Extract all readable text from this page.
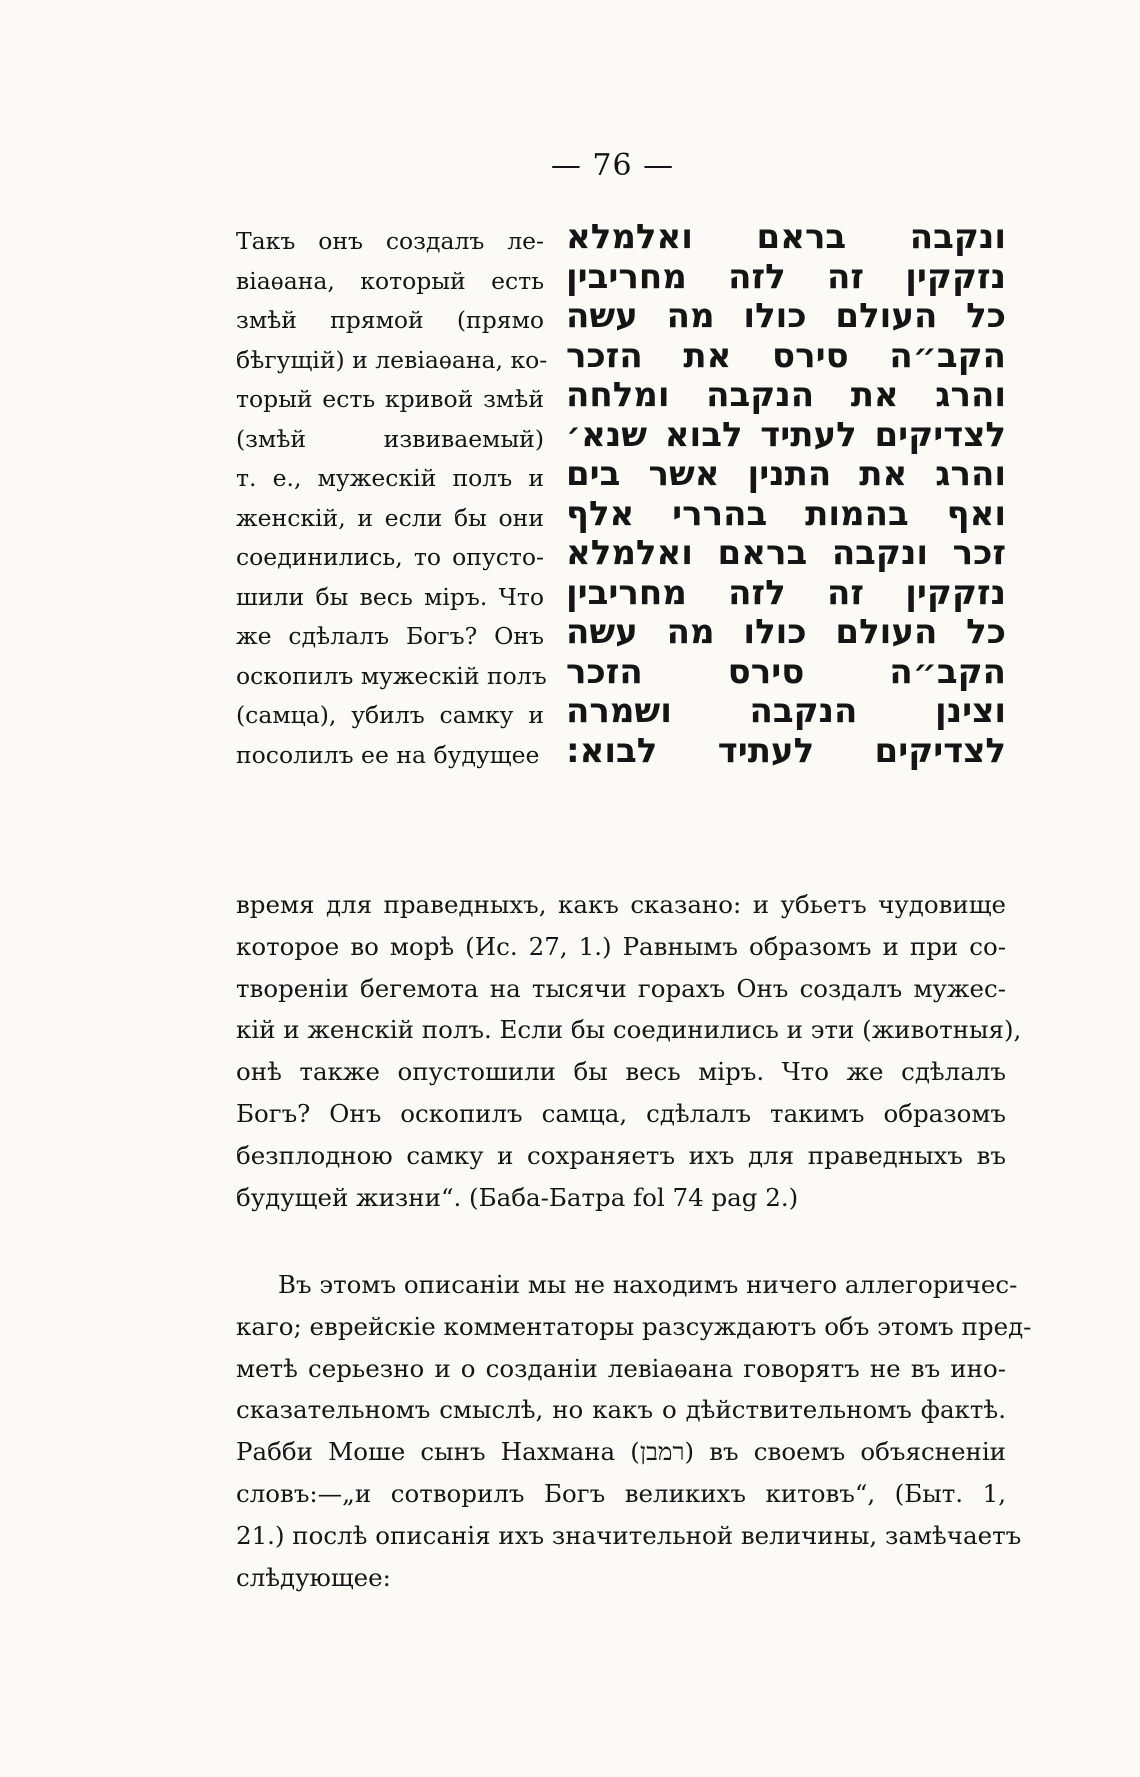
— 76 —
Такъ онъ создалъ ле-
віаѳана, который есть
змѣй прямой (прямо
бѣгущій) и левіаѳана, ко-
торый есть кривой змѣй
(змѣй извиваемый)
т. е., мужескій полъ и
женскій, и если бы они
соединились, то опусто-
шили бы весь міръ. Что
же сдѣлалъ Богъ? Онъ
оскопилъ мужескій полъ
(самца), убилъ самку и
посолилъ ее на будущее
ונקבה בראם ואלמלא
נזקקין זה לזה מחריבין
כל העולם כולו מה עשה
הקב״ה סירס את הזכר
והרג את הנקבה ומלחה
לצדיקים לעתיד לבוא שנא׳
והרג את התנין אשר בים
ואף בהמות בהררי אלף
זכר ונקבה בראם ואלמלא
נזקקין זה לזה מחריבין
כל העולם כולו מה עשה
הקב״ה סירס הזכר
וצינן הנקבה ושמרה
לצדיקים לעתיד לבוא:
время для праведныхъ, какъ сказано: и убьетъ чудовище
которое во морѣ (Ис. 27, 1.) Равнымъ образомъ и при со-
твореніи бегемота на тысячи горахъ Онъ создалъ мужес-
кій и женскій полъ. Если бы соединились и эти (животныя),
онѣ также опустошили бы весь міръ. Что же сдѣлалъ
Богъ? Онъ оскопилъ самца, сдѣлалъ такимъ образомъ
безплодною самку и сохраняетъ ихъ для праведныхъ въ
будущей жизни“. (Баба-Батра fol 74 pag 2.)
Въ этомъ описаніи мы не находимъ ничего аллегоричес-
каго; еврейскіе комментаторы разсуждаютъ объ этомъ пред-
метѣ серьезно и о созданіи левіаѳана говорятъ не въ ино-
сказательномъ смыслѣ, но какъ о дѣйствительномъ фактѣ.
Рабби Моше сынъ Нахмана (רמבן) въ своемъ объясненіи
словъ:—„и сотворилъ Богъ великихъ китовъ“, (Быт. 1,
21.) послѣ описанія ихъ значительной величины, замѣчаетъ
слѣдующее:
